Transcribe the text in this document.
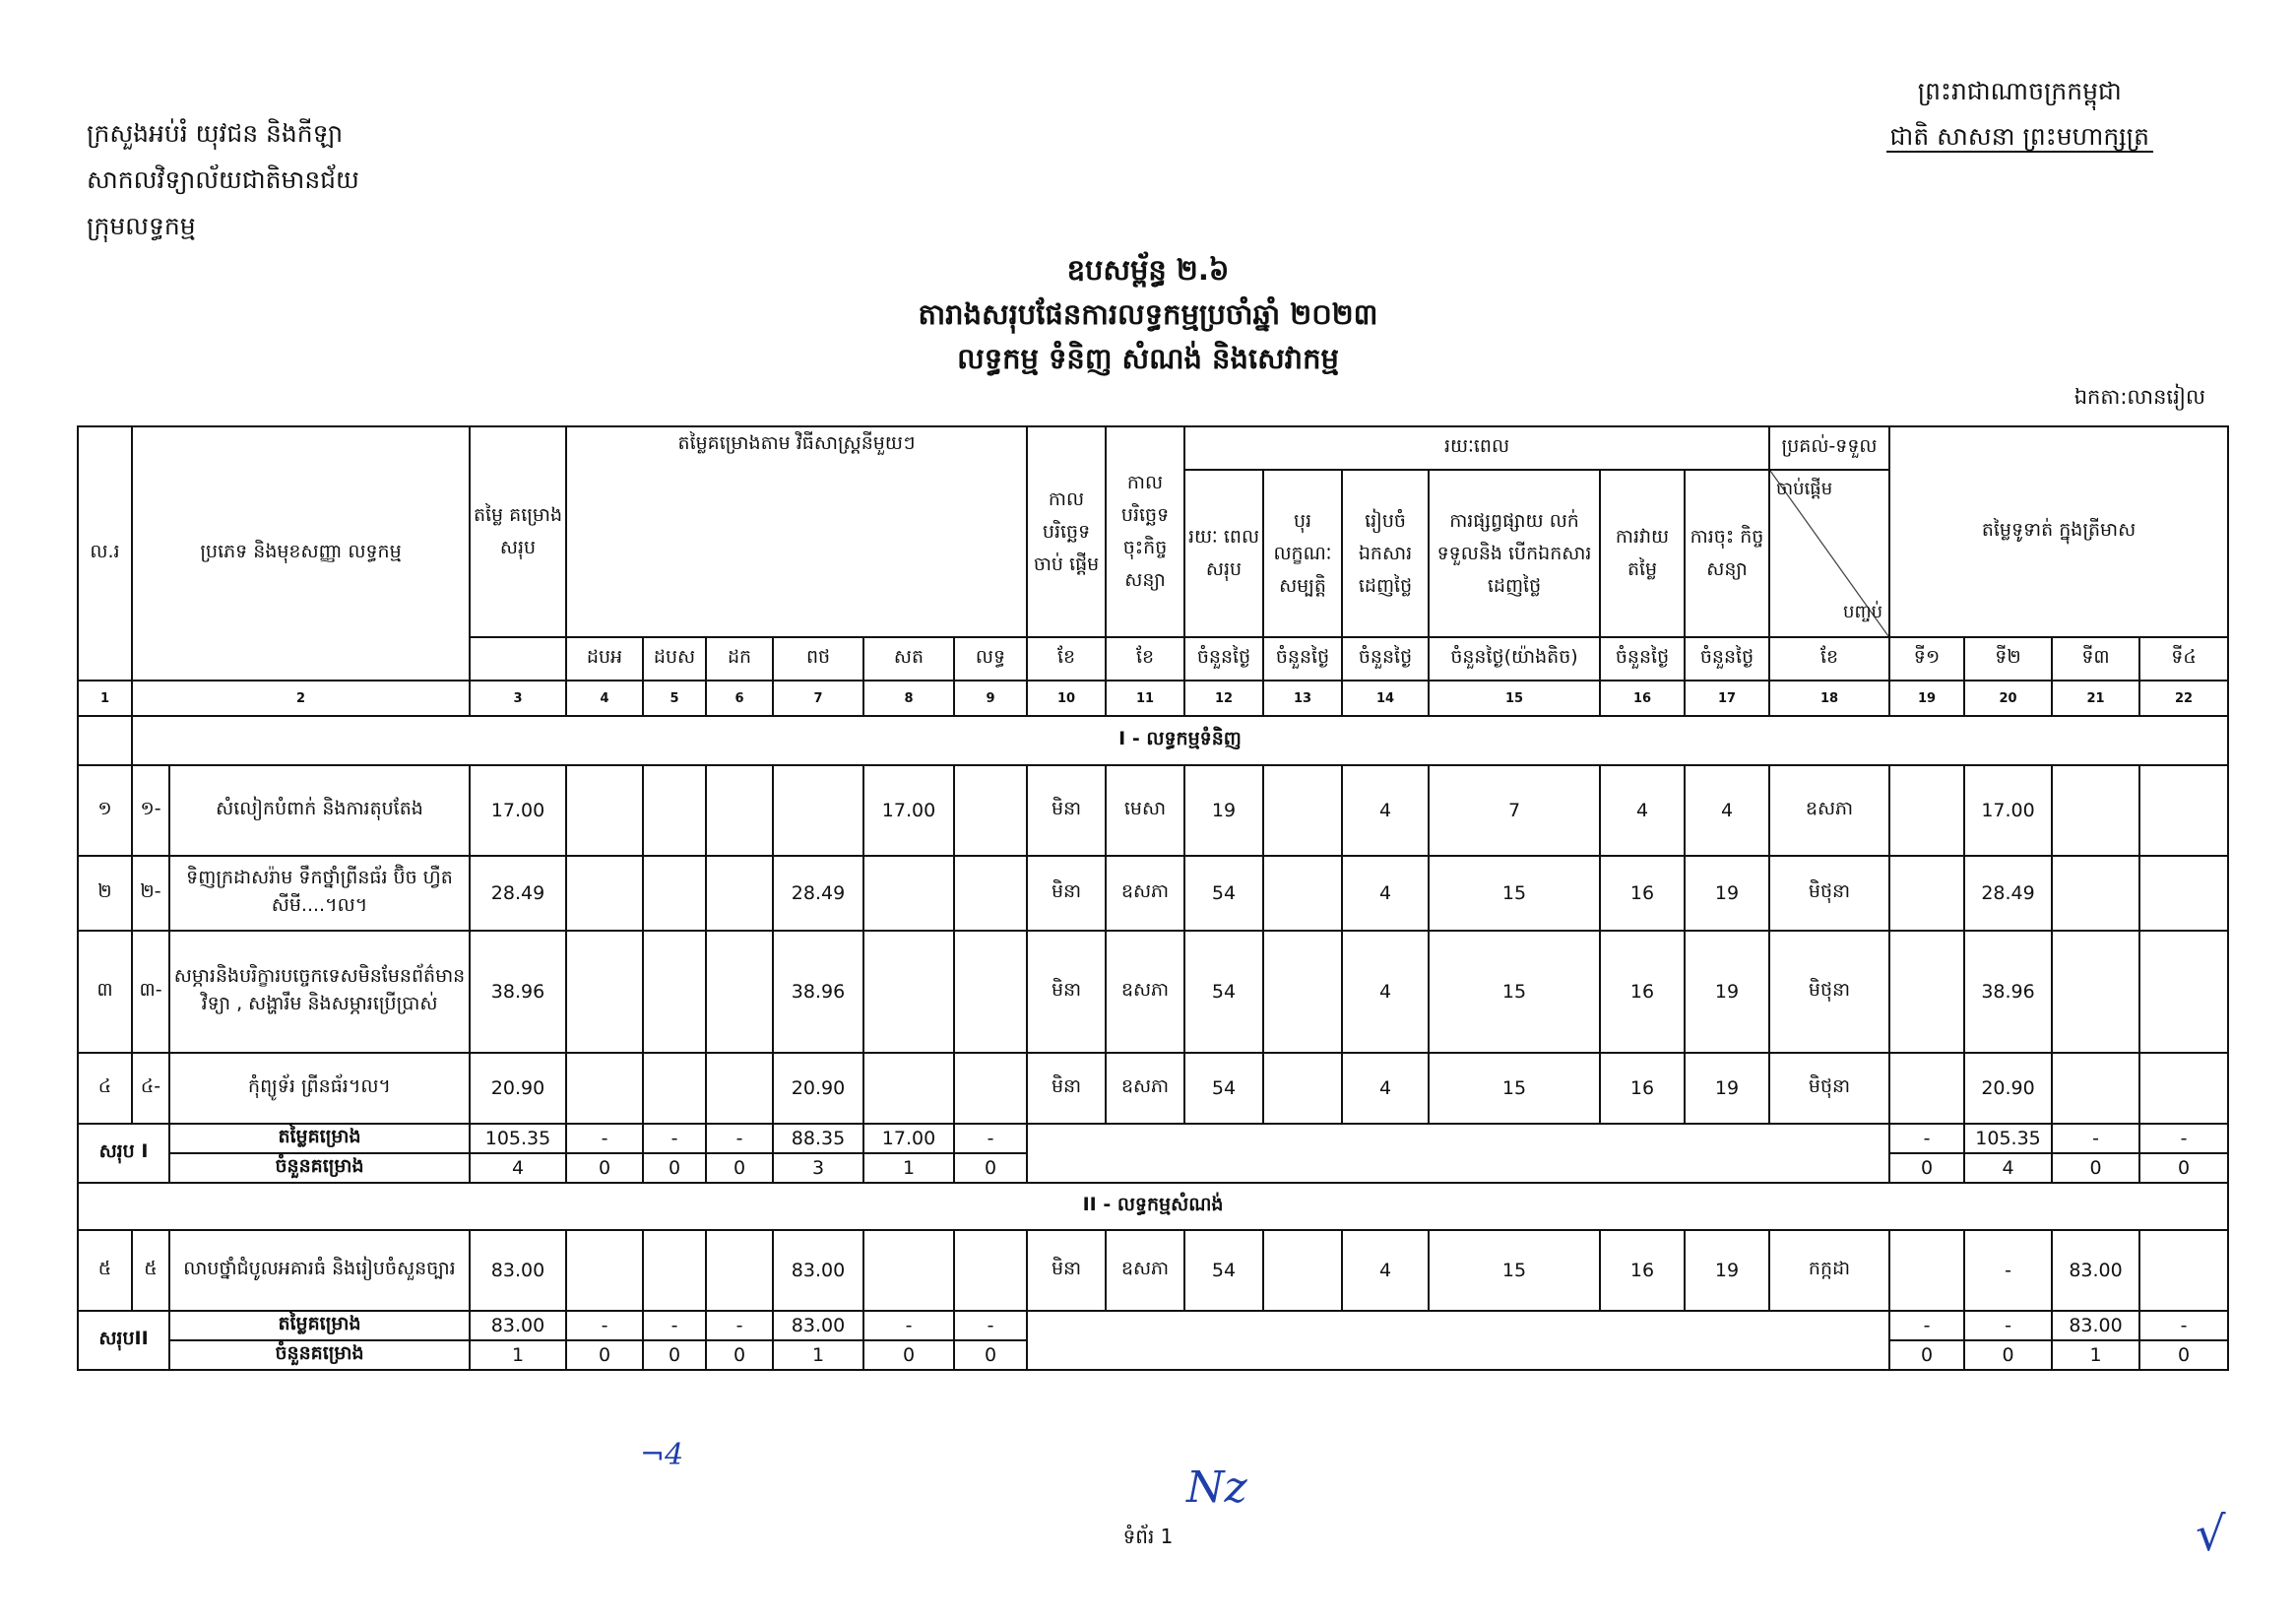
ក្រសួងអប់រំ យុវជន និងកីឡា
សាកលវិទ្យាល័យជាតិមានជ័យ
ក្រុមលទ្ធកម្ម
ព្រះរាជាណាចក្រកម្ពុជា
ជាតិ សាសនា ព្រះមហាក្សត្រ
ឧបសម្ព័ន្ធ ២.៦
តារាងសរុបផែនការលទ្ធកម្មប្រចាំឆ្នាំ ២០២៣
លទ្ធកម្ម ទំនិញ សំណង់ និងសេវាកម្ម
ឯកតា:លានរៀល
ល.រ	ប្រភេទ និងមុខសញ្ញា លទ្ធកម្ម		តម្លៃ គម្រោង សរុប	តម្លៃគម្រោងតាម វិធីសាស្ត្រនីមួយៗ						កាល បរិច្ឆេទ ចាប់ ផ្តើម	កាល បរិច្ឆេទ ចុះកិច្ច សន្យា	រយៈពេល						ប្រគល់-ទទួល	តម្លៃទូទាត់ ក្នុងត្រីមាស			
												រយៈ ពេល សរុប	បុរ លក្ខណៈ សម្បត្តិ	រៀបចំ ឯកសារ ដេញថ្លៃ	ការផ្សព្វផ្សាយ លក់ទទួលនិង បើកឯកសារ ដេញថ្លៃ	ការវាយ តម្លៃ	ការចុះ កិច្ចសន្យា	ចាប់ផ្តើម
បញ្ចប់				

				ដបអ	ដបស	ដក	ពថ	សត	លទ្ធ	ខែ	ខែ	ចំនួនថ្ងៃ	ចំនួនថ្ងៃ	ចំនួនថ្ងៃ	ចំនួនថ្ងៃ(យ៉ាងតិច)	ចំនួនថ្ងៃ	ចំនួនថ្ងៃ	ខែ	ទី១	ទី២	ទី៣	ទី៤
1	2		3	4	5	6	7	8	9	10	11	12	13	14	15	16	17	18	19	20	21	22
	I - លទ្ធកម្មទំនិញ																					
១	១-	សំលៀកបំពាក់ និងការតុបតែង	17.00					17.00		មិនា	មេសា	19		4	7	4	4	ឧសភា		17.00		
២	២-	ទិញក្រដាសរ៉ាម ទឹកថ្នាំព្រីនធ័រ ប៊ិច ហ្វឺត សីមី....។ល។	28.49				28.49			មិនា	ឧសភា	54		4	15	16	19	មិថុនា		28.49		
៣	៣-	សម្ភារនិងបរិក្ខារបច្ចេកទេសមិនមែនព័ត៌មានវិទ្យា , សង្ហារឹម និងសម្ភារប្រើប្រាស់	38.96				38.96			មិនា	ឧសភា	54		4	15	16	19	មិថុនា		38.96		
៤	៤-	កុំព្យូទ័រ ព្រីនធ័រ។ល។	20.90				20.90			មិនា	ឧសភា	54		4	15	16	19	មិថុនា		20.90		
សរុប I		តម្លៃគម្រោង	105.35	-	-	-	88.35	17.00	-										-	105.35	-	-
		ចំនួនគម្រោង	4	0	0	0	3	1	0										0	4	0	0
II - លទ្ធកម្មសំណង់																						
៥	៥	លាបថ្នាំជំបូលអគារធំ និងរៀបចំសួនច្បារ	83.00				83.00			មិនា	ឧសភា	54		4	15	16	19	កក្កដា		-	83.00	
សរុបII		តម្លៃគម្រោង	83.00	-	-	-	83.00	-	-										-	-	83.00	-
		ចំនួនគម្រោង	1	0	0	0	1	0	0										0	0	1	0
ទំព័រ 1
¬4
Nz
√
